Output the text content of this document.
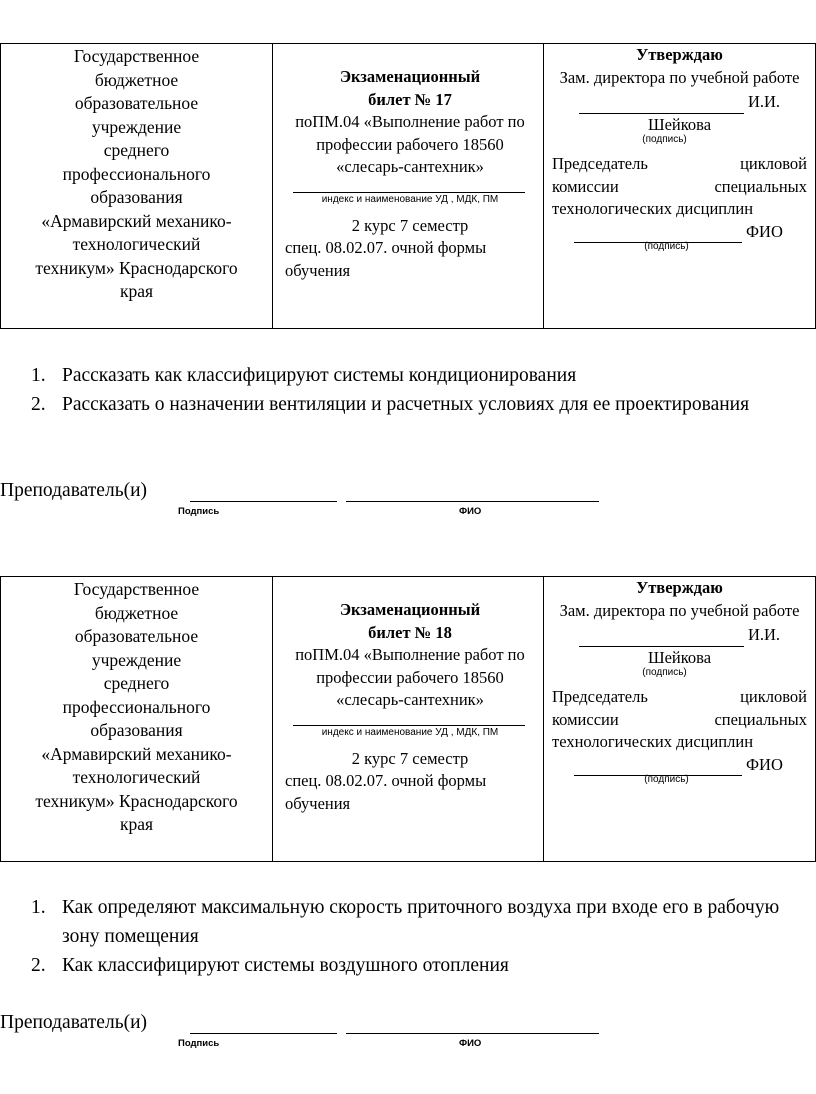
Государственное
бюджетное
образовательное
учреждение
среднего
профессионального
образования
«Армавирский механико-
технологический
техникум» Краснодарского
края

Экзаменационный
билет № 17
поПМ.04 «Выполнение работ по профессии рабочего 18560 «слесарь-сантехник»
индекс и наименование УД , МДК, ПМ
2 курс 7 семестр
спец. 08.02.07. очной формы обучения

Утверждаю
Зам. директора по учебной работе
И.И.
Шейкова
(подпись)
Председатель цикловой
комиссии специальных
технологических дисциплин
ФИО
(подпись)
1. Рассказать как классифицируют системы кондиционирования
2. Рассказать о назначении вентиляции и расчетных условиях для ее проектирования
Преподаватель(и)
Подпись	ФИО
Государственное
бюджетное
образовательное
учреждение
среднего
профессионального
образования
«Армавирский механико-
технологический
техникум» Краснодарского
края

Экзаменационный
билет № 18
поПМ.04 «Выполнение работ по профессии рабочего 18560 «слесарь-сантехник»
индекс и наименование УД , МДК, ПМ
2 курс 7 семестр
спец. 08.02.07. очной формы обучения

Утверждаю
Зам. директора по учебной работе
И.И.
Шейкова
(подпись)
Председатель цикловой
комиссии специальных
технологических дисциплин
ФИО
(подпись)
1. Как определяют максимальную скорость приточного воздуха при входе его в рабочую зону помещения
2. Как классифицируют системы воздушного отопления
Преподаватель(и)
Подпись	ФИО
